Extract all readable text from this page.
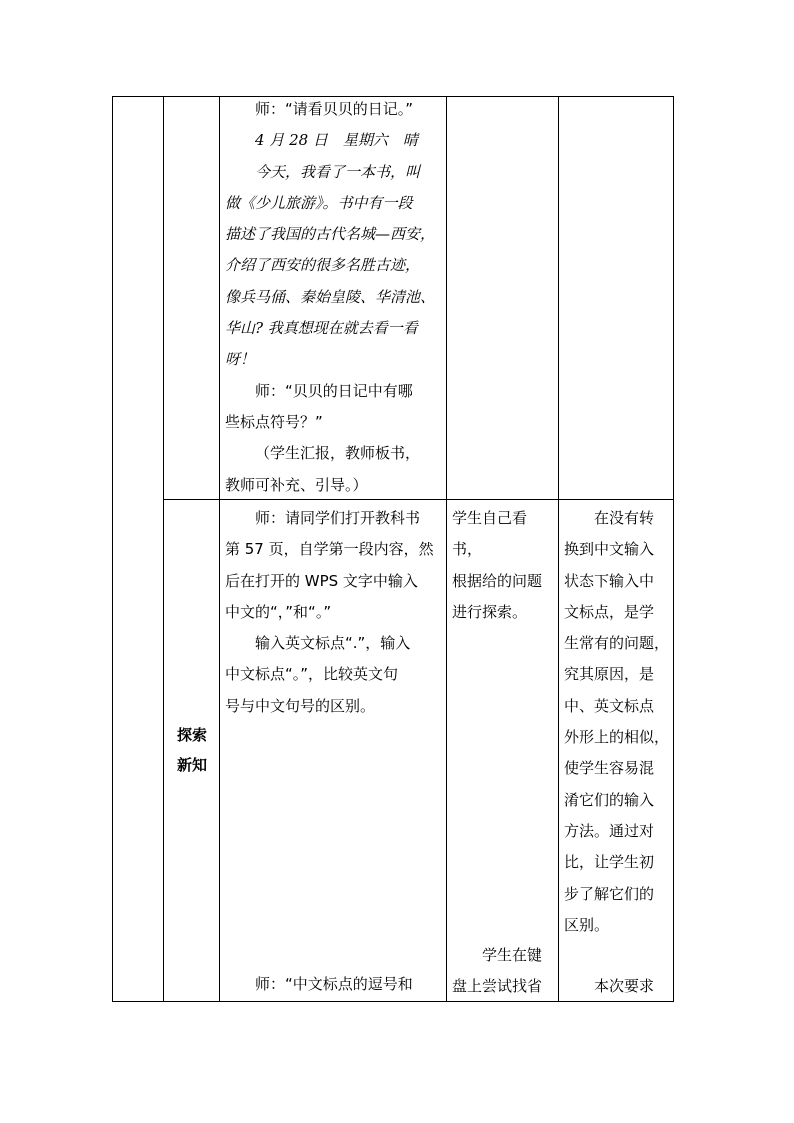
师：“请看贝贝的日记。”

4 月 28 日　星期六　晴

今天，我看了一本书，叫

做《少儿旅游》。书中有一段

描述了我国的古代名城—西安，

介绍了西安的很多名胜古迹，

像兵马俑、秦始皇陵、华清池、

华山? 我真想现在就去看一看

呀！

师：“贝贝的日记中有哪

些标点符号？”

（学生汇报，教师板书，

教师可补充、引导。）

探索
新知

师：请同学们打开教科书

第 57 页，自学第一段内容，然

后在打开的 WPS 文字中输入

中文的“，”和“。”

输入英文标点“.”，输入

中文标点“。”，比较英文句

号与中文句号的区别。

师：“中文标点的逗号和

学生自己看书，

根据给的问题

进行探索。

学生在键

盘上尝试找省

在没有转

换到中文输入

状态下输入中

文标点，是学

生常有的问题，

究其原因，是

中、英文标点

外形上的相似，

使学生容易混

淆它们的输入

方法。通过对

比，让学生初

步了解它们的

区别。

本次要求
